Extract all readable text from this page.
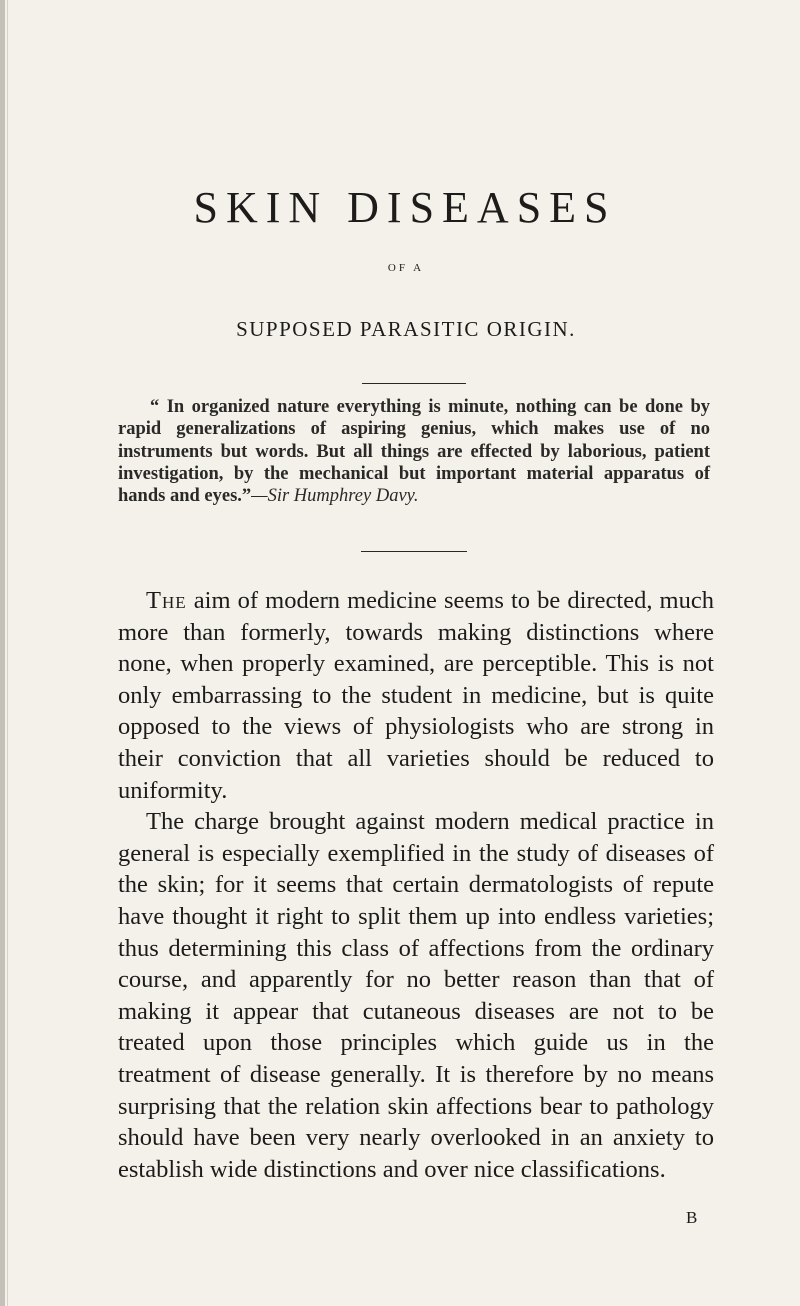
SKIN DISEASES
OF A
SUPPOSED PARASITIC ORIGIN.
“ In organized nature everything is minute, nothing can be done by rapid generalizations of aspiring genius, which makes use of no instruments but words. But all things are effected by laborious, patient investigation, by the mechanical but important material apparatus of hands and eyes.”—Sir Humphrey Davy.

The aim of modern medicine seems to be directed, much more than formerly, towards making distinctions where none, when properly examined, are perceptible. This is not only embarrassing to the student in medicine, but is quite opposed to the views of physiologists who are strong in their conviction that all varieties should be reduced to uniformity.

The charge brought against modern medical practice in general is especially exemplified in the study of diseases of the skin; for it seems that certain dermatologists of repute have thought it right to split them up into endless varieties; thus determining this class of affections from the ordinary course, and apparently for no better reason than that of making it appear that cutaneous diseases are not to be treated upon those principles which guide us in the treatment of disease generally. It is therefore by no means surprising that the relation skin affections bear to pathology should have been very nearly overlooked in an anxiety to establish wide distinctions and over nice classifications.

B
